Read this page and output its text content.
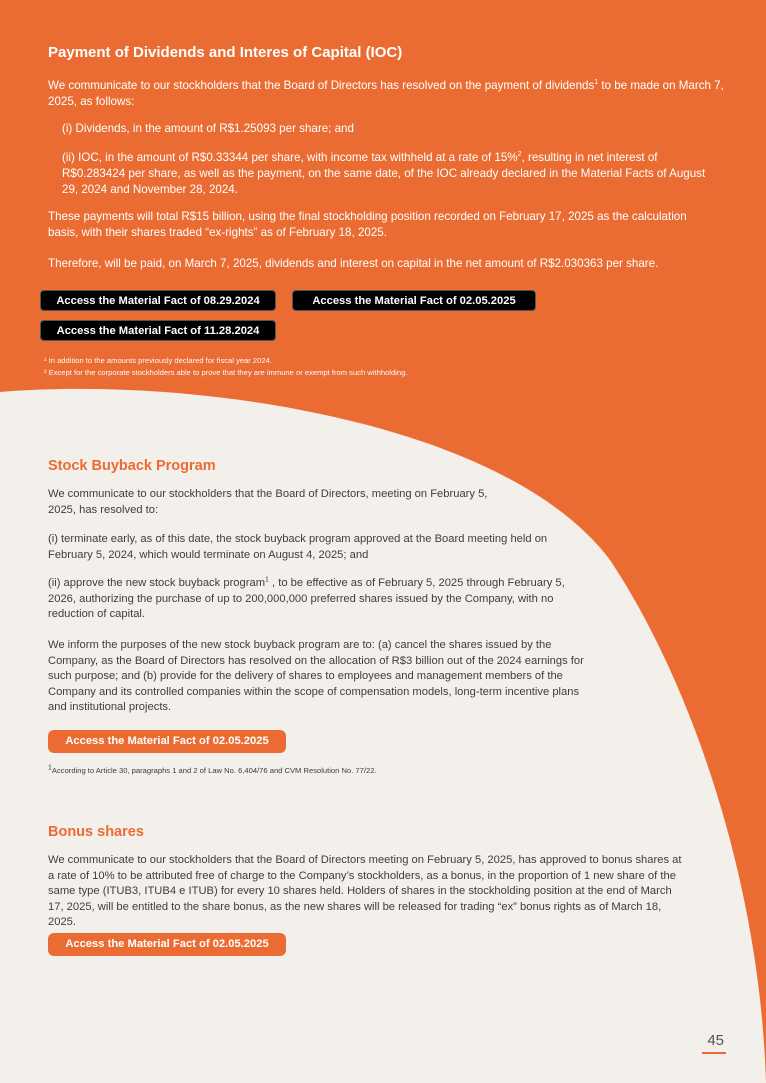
Payment of Dividends and Interes of Capital (IOC)
We communicate to our stockholders that the Board of Directors has resolved on the payment of dividends$^1$ to be made on March 7, 2025, as follows:
(i) Dividends, in the amount of R$1.25093 per share; and
(ii) IOC, in the amount of R$0.33344 per share, with income tax withheld at a rate of 15%$^2$, resulting in net interest of R$0.283424 per share, as well as the payment, on the same date, of the IOC already declared in the Material Facts of August 29, 2024 and November 28, 2024.
These payments will total R$15 billion, using the final stockholding position recorded on February 17, 2025 as the calculation basis, with their shares traded “ex-rights” as of February 18, 2025.
Therefore, will be paid, on March 7, 2025, dividends and interest on capital in the net amount of R$2.030363 per share.
Access the Material Fact of 08.29.2024	Access the Material Fact of 02.05.2025
Access the Material Fact of 11.28.2024
¹ In addition to the amounts previously declared for fiscal year 2024.
² Except for the corporate stockholders able to prove that they are immune or exempt from such withholding.
Stock Buyback Program
We communicate to our stockholders that the Board of Directors, meeting on February 5, 2025, has resolved to:
(i) terminate early, as of this date, the stock buyback program approved at the Board meeting held on February 5, 2024, which would terminate on August 4, 2025; and
(ii) approve the new stock buyback program$^1$ , to be effective as of February 5, 2025 through February 5, 2026, authorizing the purchase of up to 200,000,000 preferred shares issued by the Company, with no reduction of capital.
We inform the purposes of the new stock buyback program are to: (a) cancel the shares issued by the Company, as the Board of Directors has resolved on the allocation of R$3 billion out of the 2024 earnings for such purpose; and (b) provide for the delivery of shares to employees and management members of the Company and its controlled companies within the scope of compensation models, long-term incentive plans and institutional projects.
Access the Material Fact of 02.05.2025
$^1$According to Article 30, paragraphs 1 and 2 of Law No. 6,404/76 and CVM Resolution No. 77/22.
Bonus shares
We communicate to our stockholders that the Board of Directors meeting on February 5, 2025, has approved to bonus shares at a rate of 10% to be attributed free of charge to the Company’s stockholders, as a bonus, in the proportion of 1 new share of the same type (ITUB3, ITUB4 e ITUB) for every 10 shares held. Holders of shares in the stockholding position at the end of March 17, 2025, will be entitled to the share bonus, as the new shares will be released for trading “ex” bonus rights as of March 18, 2025.
Access the Material Fact of 02.05.2025
45
